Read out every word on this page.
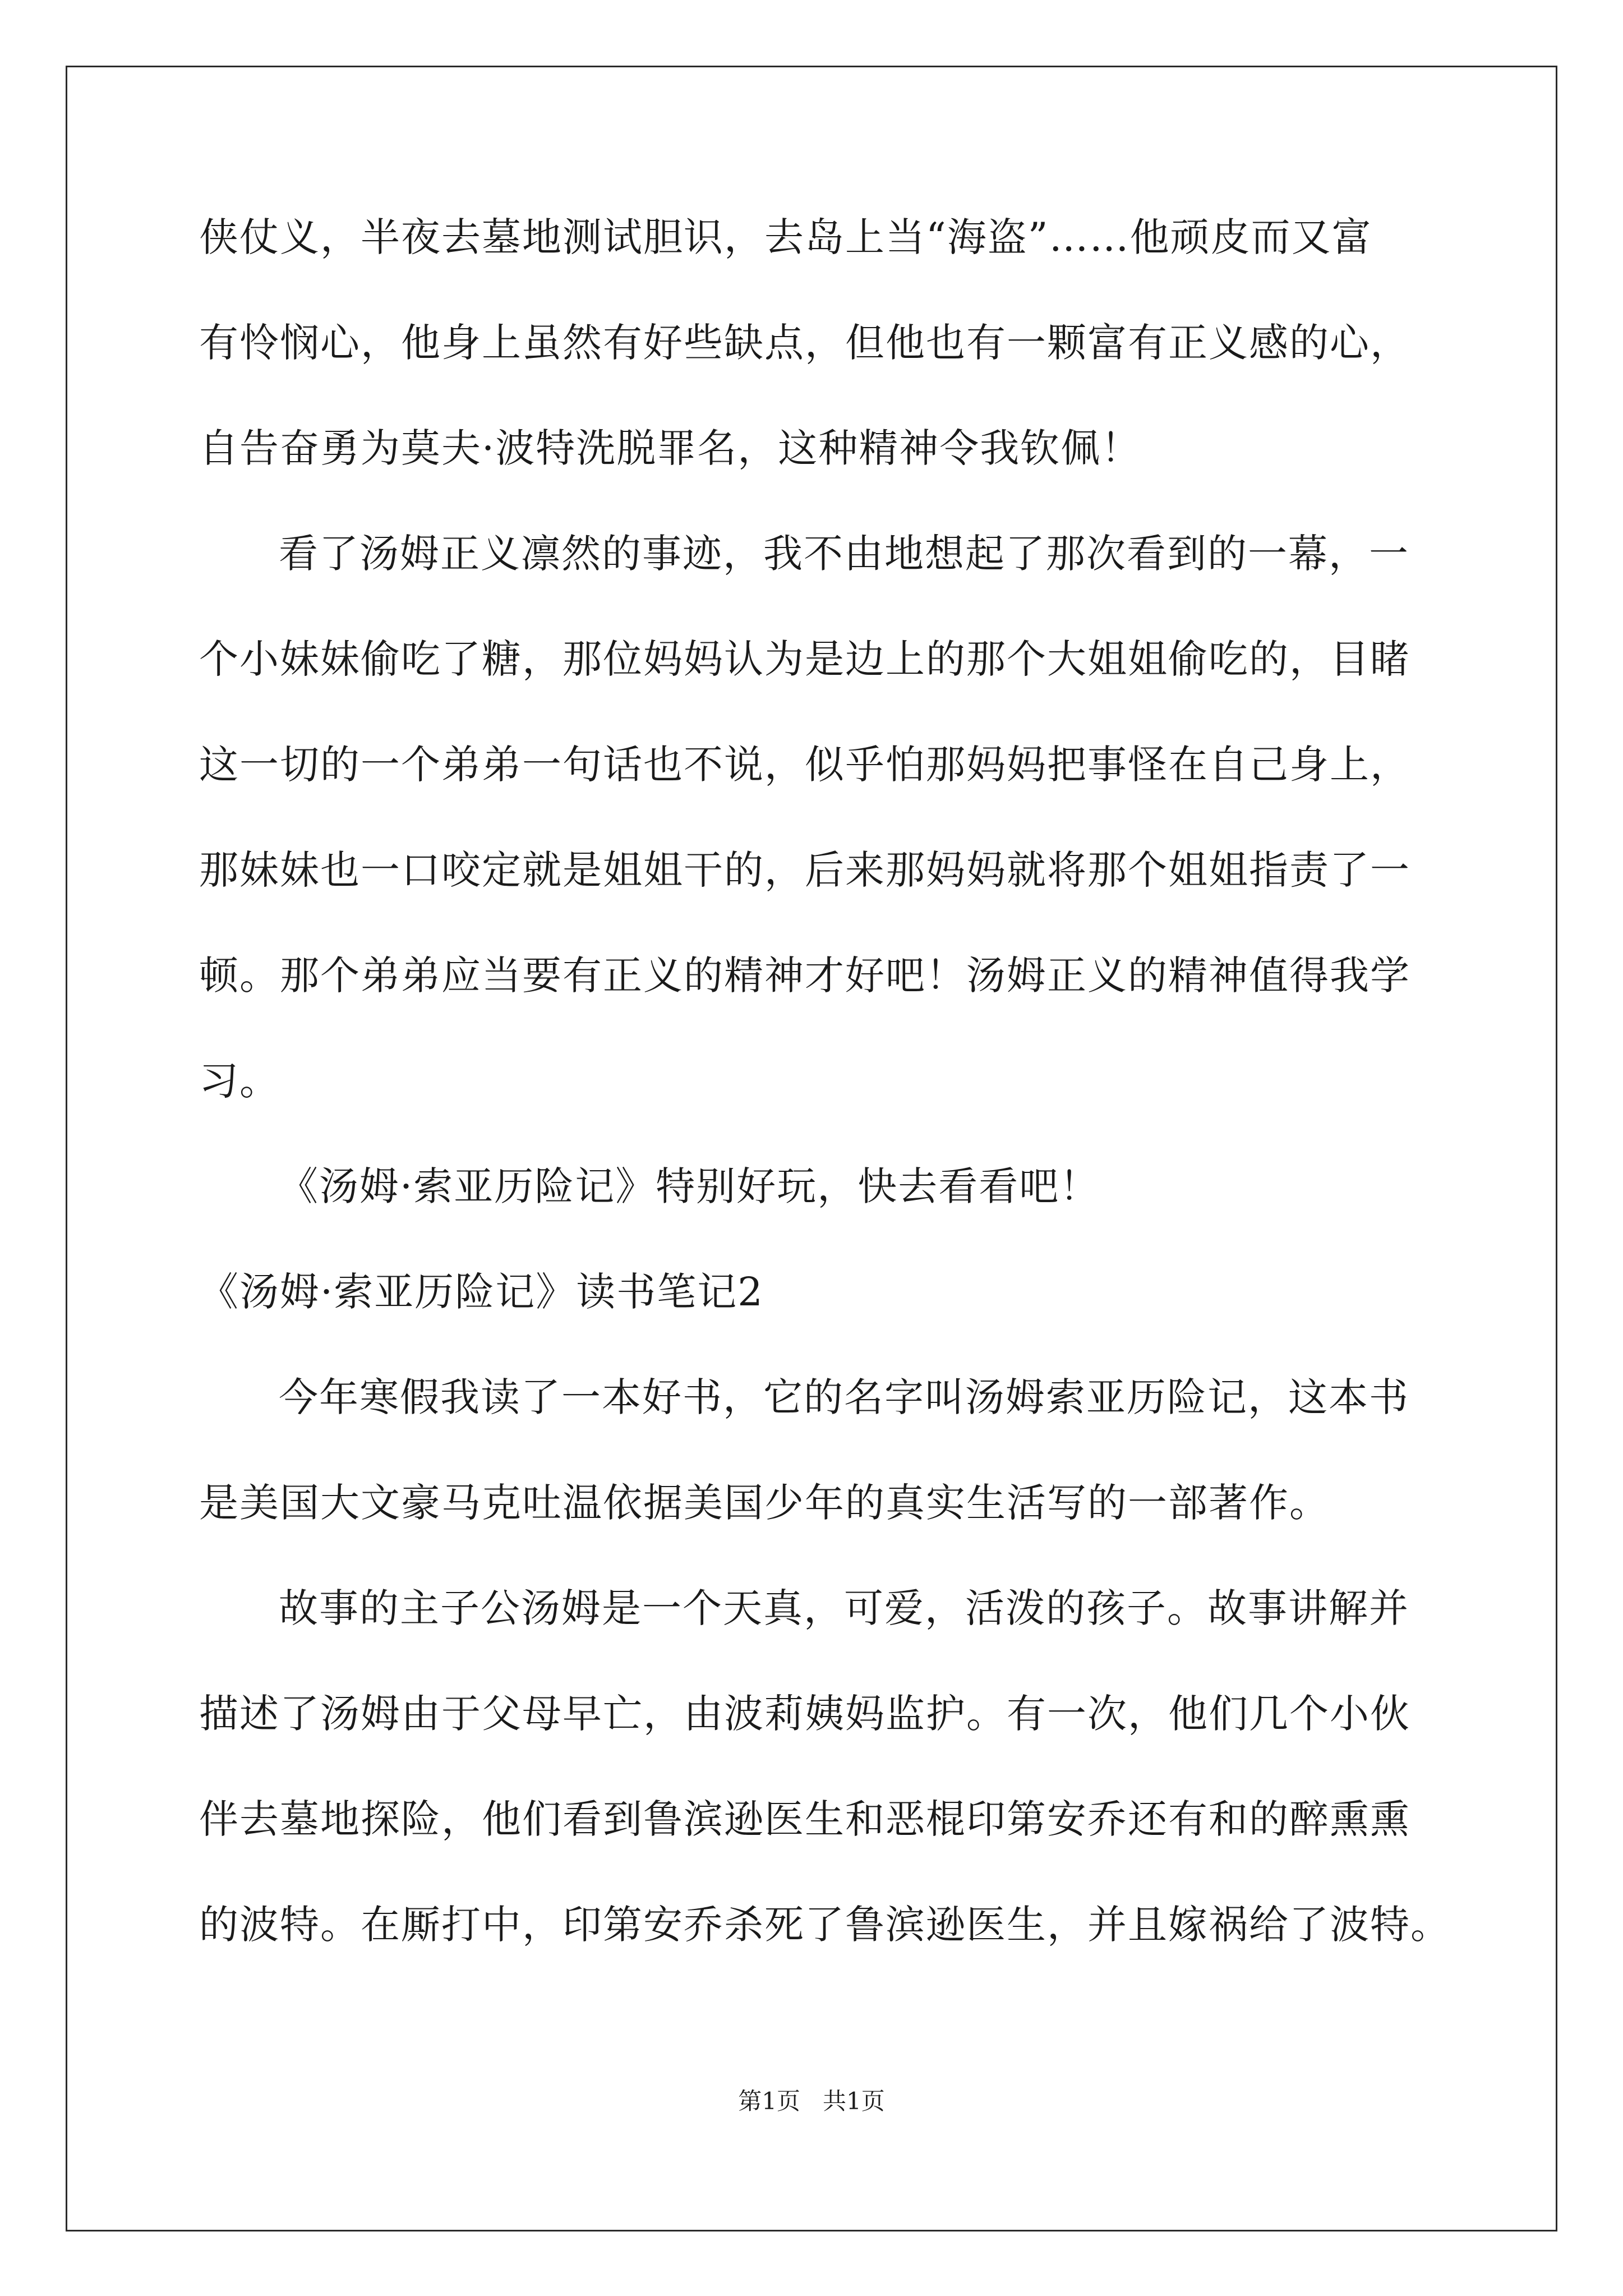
侠仗义，半夜去墓地测试胆识，去岛上当“海盗”……他顽皮而又富
有怜悯心，他身上虽然有好些缺点，但他也有一颗富有正义感的心，
自告奋勇为莫夫·波特洗脱罪名，这种精神令我钦佩！
看了汤姆正义凛然的事迹，我不由地想起了那次看到的一幕，一
个小妹妹偷吃了糖，那位妈妈认为是边上的那个大姐姐偷吃的，目睹
这一切的一个弟弟一句话也不说，似乎怕那妈妈把事怪在自己身上，
那妹妹也一口咬定就是姐姐干的，后来那妈妈就将那个姐姐指责了一
顿。那个弟弟应当要有正义的精神才好吧！汤姆正义的精神值得我学
习。
《汤姆·索亚历险记》特别好玩，快去看看吧！
《汤姆·索亚历险记》读书笔记2
今年寒假我读了一本好书，它的名字叫汤姆索亚历险记，这本书
是美国大文豪马克吐温依据美国少年的真实生活写的一部著作。
故事的主子公汤姆是一个天真，可爱，活泼的孩子。故事讲解并
描述了汤姆由于父母早亡，由波莉姨妈监护。有一次，他们几个小伙
伴去墓地探险，他们看到鲁滨逊医生和恶棍印第安乔还有和的醉熏熏
的波特。在厮打中，印第安乔杀死了鲁滨逊医生，并且嫁祸给了波特。
第1页   共1页
